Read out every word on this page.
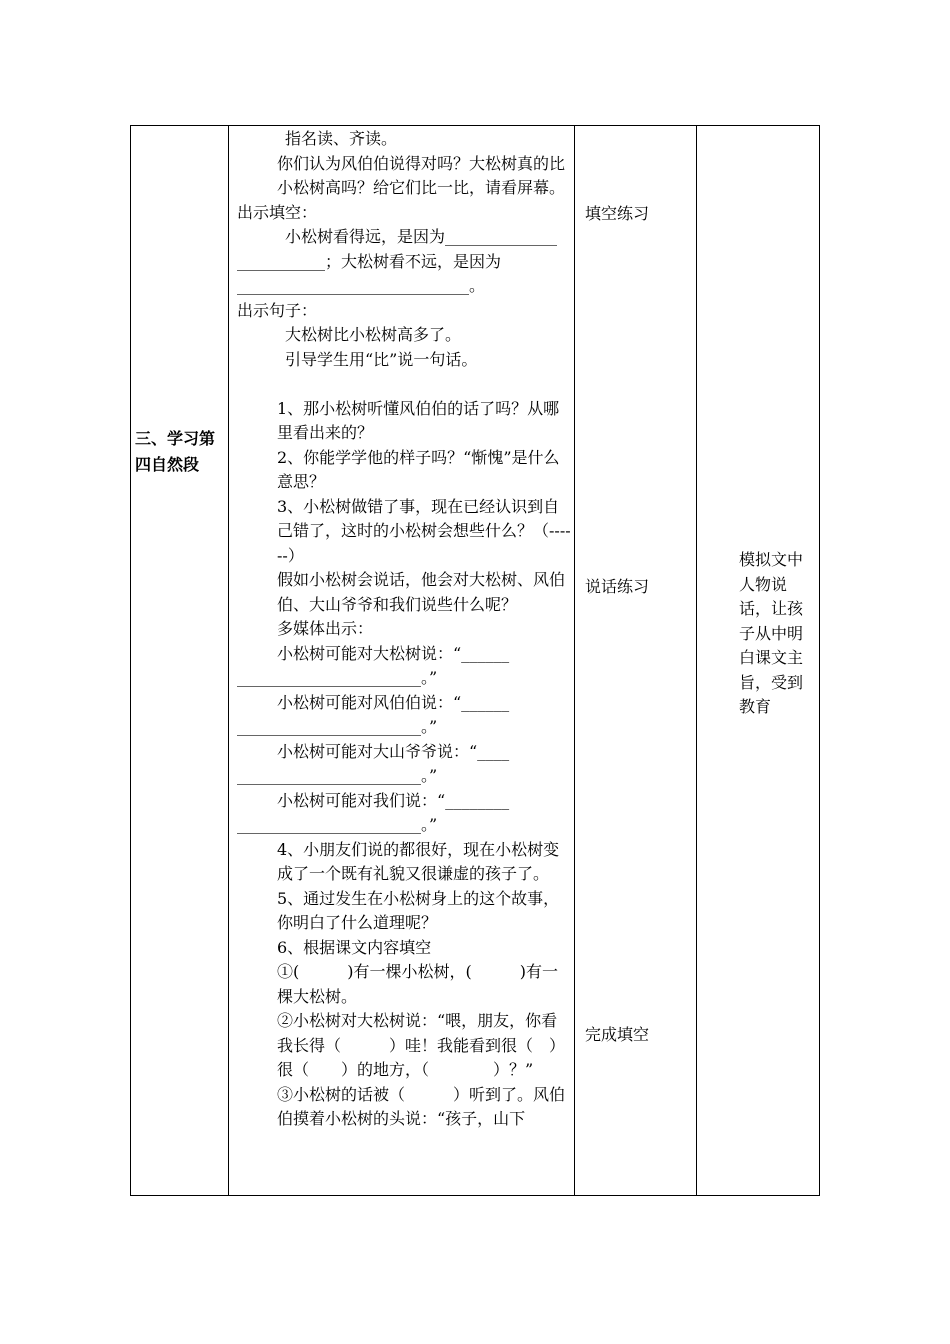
三、学习第四自然段

指名读、齐读。

你们认为风伯伯说得对吗？大松树真的比小松树高吗？给它们比一比，请看屏幕。

出示填空：

小松树看得远，是因为______________

___________；大松树看不远，是因为_____________________________。

出示句子：

大松树比小松树高多了。

引导学生用“比”说一句话。

1、那小松树听懂风伯伯的话了吗？从哪里看出来的？

2、你能学学他的样子吗？“惭愧”是什么意思？

3、小松树做错了事，现在已经认识到自己错了，这时的小松树会想些什么？（------）

假如小松树会说话，他会对大松树、风伯伯、大山爷爷和我们说些什么呢？

多媒体出示：

小松树可能对大松树说：“______

_______________________。”

小松树可能对风伯伯说：“______

_______________________。”

小松树可能对大山爷爷说：“____

_______________________。”

小松树可能对我们说：“________

_______________________。”

4、小朋友们说的都很好，现在小松树变成了一个既有礼貌又很谦虚的孩子了。

5、通过发生在小松树身上的这个故事，你明白了什么道理呢？

6、根据课文内容填空

①(　　　)有一棵小松树，(　　　)有一棵大松树。

②小松树对大松树说：“喂，朋友，你看我长得（　　　）哇！我能看到很（　）很（　　）的地方，（　　　　）？”

③小松树的话被（　　　）听到了。风伯伯摸着小松树的头说：“孩子，山下

填空练习
说话练习
完成填空

模拟文中人物说话，让孩子从中明白课文主旨，受到教育
